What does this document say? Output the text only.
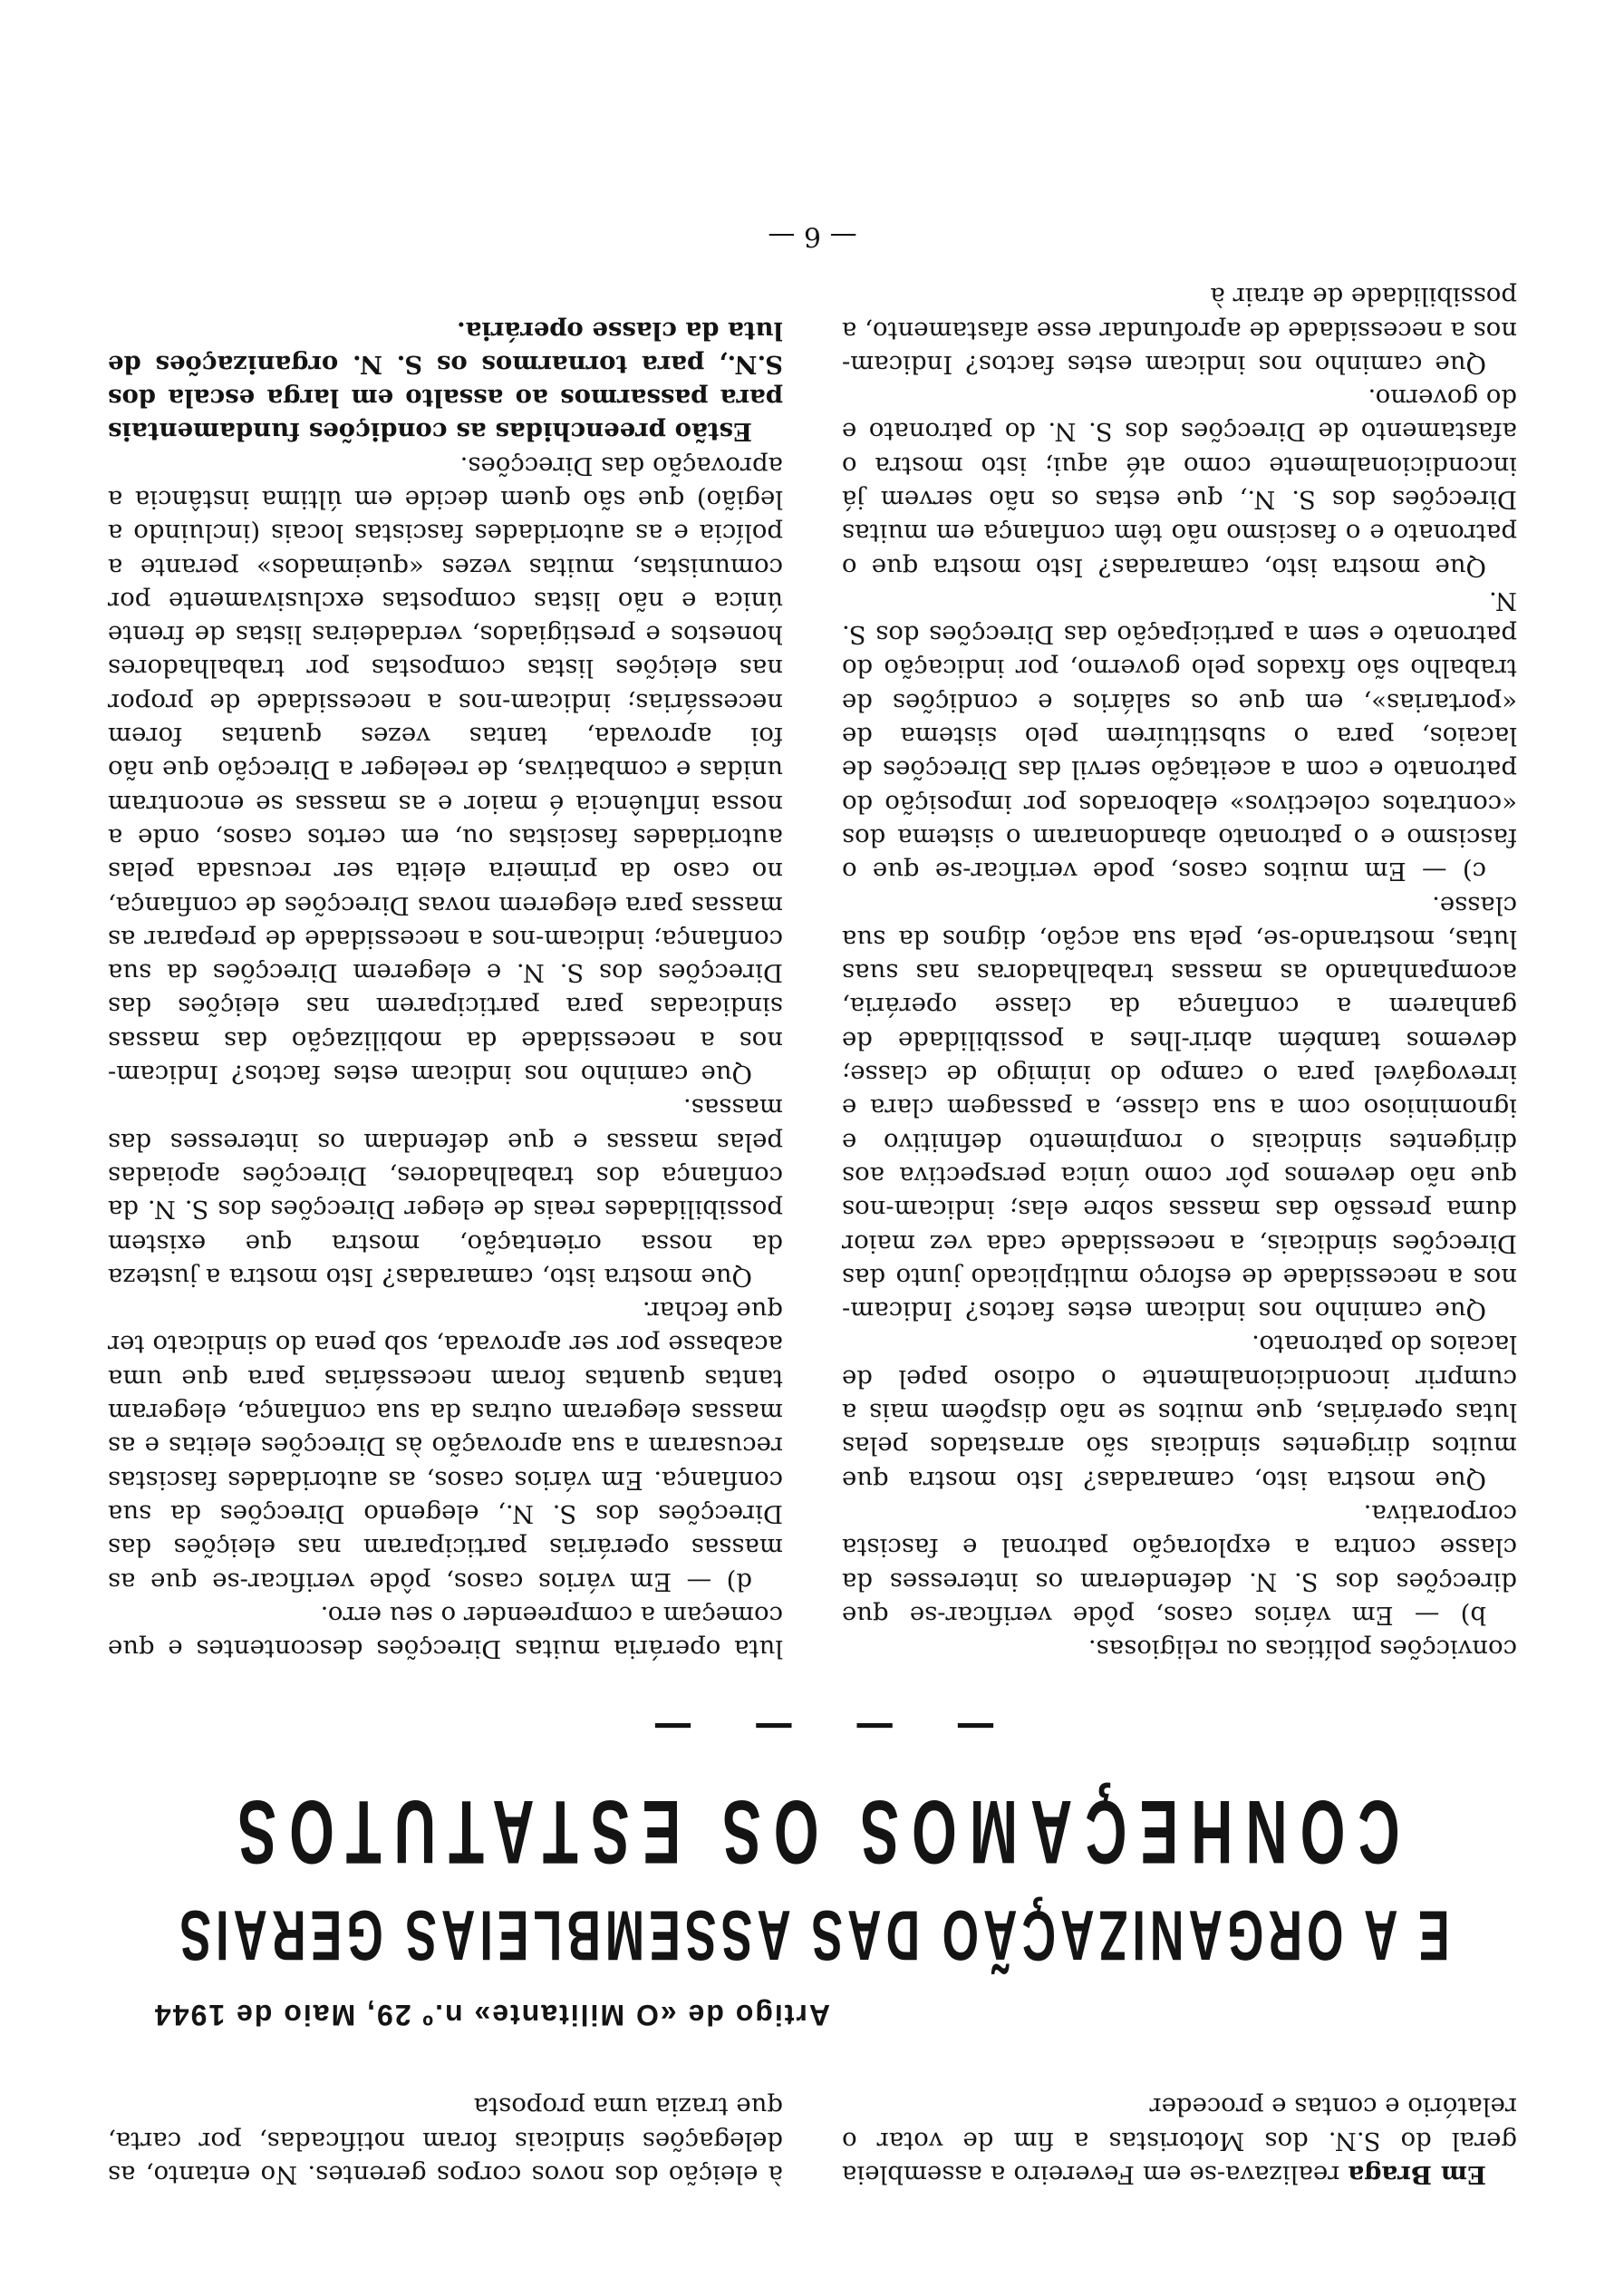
Em Braga realizava-se em Fevereiro a assembleia geral do S.N. dos Motoristas a fim de votar o relatório e contas e proceder

à eleição dos novos corpos gerentes. No entanto, as delegações sindicais foram notificadas, por carta, que trazia uma proposta

Artigo de «O Militante» n.º 29, Maio de 1944

E A ORGANIZAÇÃO DAS ASSEMBLEIAS GERAIS
CONHEÇAMOS OS ESTATUTOS
— — — —

convicções políticas ou religiosas.

b) — Em vários casos, pôde verificar-se que direcções dos S. N. defenderam os interesses da classe contra a exploração patronal e fascista corporativa.

Que mostra isto, camaradas? Isto mostra que muitos dirigentes sindicais são arrastados pelas lutas operárias, que muitos se não dispõem mais a cumprir incondicionalmente o odioso papel de lacaios do patronato.

Que caminho nos indicam estes factos? Indicam-nos a necessidade de esforço multiplicado junto das Direcções sindicais, a necessidade cada vez maior duma pressão das massas sobre elas; indicam-nos que não devemos pôr como única perspectiva aos dirigentes sindicais o rompimento definitivo e ignominioso com a sua classe, a passagem clara e irrevogável para o campo do inimigo de classe; devemos também abrir-lhes a possibilidade de ganharem a confiança da classe operária, acompanhando as massas trabalhadoras nas suas lutas, mostrando-se, pela sua acção, dignos da sua classe.

c) — Em muitos casos, pode verificar-se que o fascismo e o patronato abandonaram o sistema dos «contratos colectivos» elaborados por imposição do patronato e com a aceitação servil das Direcções de lacaios, para o substituírem pelo sistema de «portarias», em que os salários e condições de trabalho são fixados pelo governo, por indicação do patronato e sem a participação das Direcções dos S. N.

Que mostra isto, camaradas? Isto mostra que o patronato e o fascismo não têm confiança em muitas Direcções dos S. N., que estas os não servem já incondicionalmente como até aqui; isto mostra o afastamento de Direcções dos S. N. do patronato e do governo.

Que caminho nos indicam estes factos? Indicam-nos a necessidade de aprofundar esse afastamento, a possibilidade de atrair à

luta operária muitas Direcções descontentes e que começam a compreender o seu erro.

d) — Em vários casos, pôde verificar-se que as massas operárias participaram nas eleições das Direcções dos S. N., elegendo Direcções da sua confiança. Em vários casos, as autoridades fascistas recusaram a sua aprovação às Direcções eleitas e as massas elegeram outras da sua confiança, elegeram tantas quantas foram necessárias para que uma acabasse por ser aprovada, sob pena do sindicato ter que fechar.

Que mostra isto, camaradas? Isto mostra a justeza da nossa orientação, mostra que existem possibilidades reais de eleger Direcções dos S. N. da confiança dos trabalhadores, Direcções apoiadas pelas massas e que defendam os interesses das massas.

Que caminho nos indicam estes factos? Indicam-nos a necessidade da mobilização das massas sindicadas para participarem nas eleições das Direcções dos S. N. e elegerem Direcções da sua confiança; indicam-nos a necessidade de preparar as massas para elegerem novas Direcções de confiança, no caso da primeira eleita ser recusada pelas autoridades fascistas ou, em certos casos, onde a nossa influência é maior e as massas se encontram unidas e combativas, de reeleger a Direcção que não foi aprovada, tantas vezes quantas forem necessárias; indicam-nos a necessidade de propor nas eleições listas compostas por trabalhadores honestos e prestigiados, verdadeiras listas de frente única e não listas compostas exclusivamente por comunistas, muitas vezes «queimados» perante a polícia e as autoridades fascistas locais (incluindo a legião) que são quem decide em última instância a aprovação das Direcções.

Estão preenchidas as condições fundamentais para passarmos ao assalto em larga escala dos S.N., para tornarmos os S. N. organizações de luta da classe operária.

— 6 —
